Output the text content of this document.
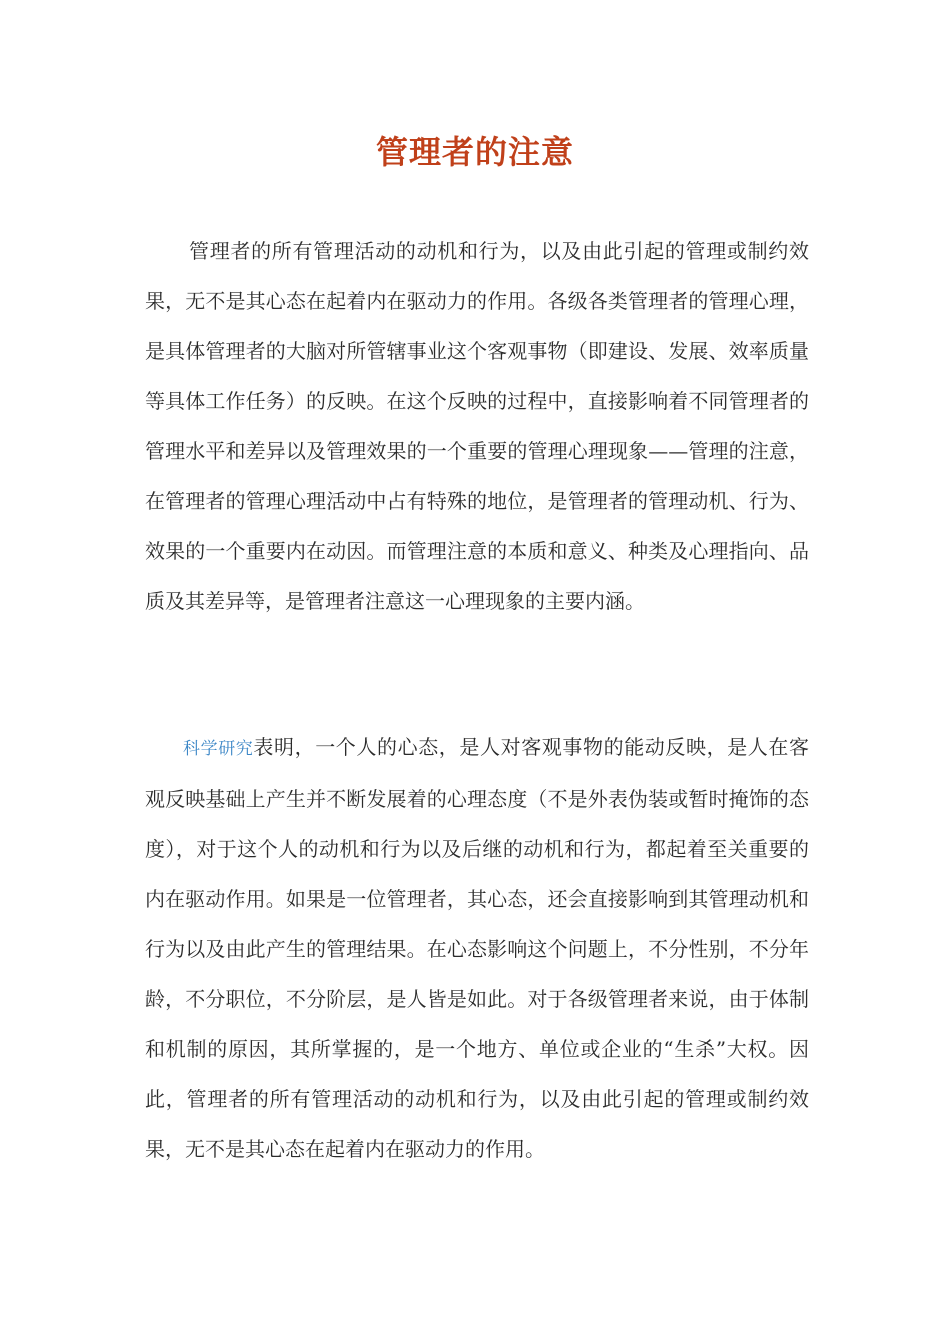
管理者的注意

管理者的所有管理活动的动机和行为，以及由此引起的管理或制约效果，无不是其心态在起着内在驱动力的作用。各级各类管理者的管理心理，是具体管理者的大脑对所管辖事业这个客观事物（即建设、发展、效率质量等具体工作任务）的反映。在这个反映的过程中，直接影响着不同管理者的管理水平和差异以及管理效果的一个重要的管理心理现象——管理的注意，在管理者的管理心理活动中占有特殊的地位，是管理者的管理动机、行为、效果的一个重要内在动因。而管理注意的本质和意义、种类及心理指向、品质及其差异等，是管理者注意这一心理现象的主要内涵。

科学研究表明，一个人的心态，是人对客观事物的能动反映，是人在客观反映基础上产生并不断发展着的心理态度（不是外表伪装或暂时掩饰的态度），对于这个人的动机和行为以及后继的动机和行为，都起着至关重要的内在驱动作用。如果是一位管理者，其心态，还会直接影响到其管理动机和行为以及由此产生的管理结果。在心态影响这个问题上，不分性别，不分年龄，不分职位，不分阶层，是人皆是如此。对于各级管理者来说，由于体制和机制的原因，其所掌握的，是一个地方、单位或企业的“生杀”大权。因此，管理者的所有管理活动的动机和行为，以及由此引起的管理或制约效果，无不是其心态在起着内在驱动力的作用。
